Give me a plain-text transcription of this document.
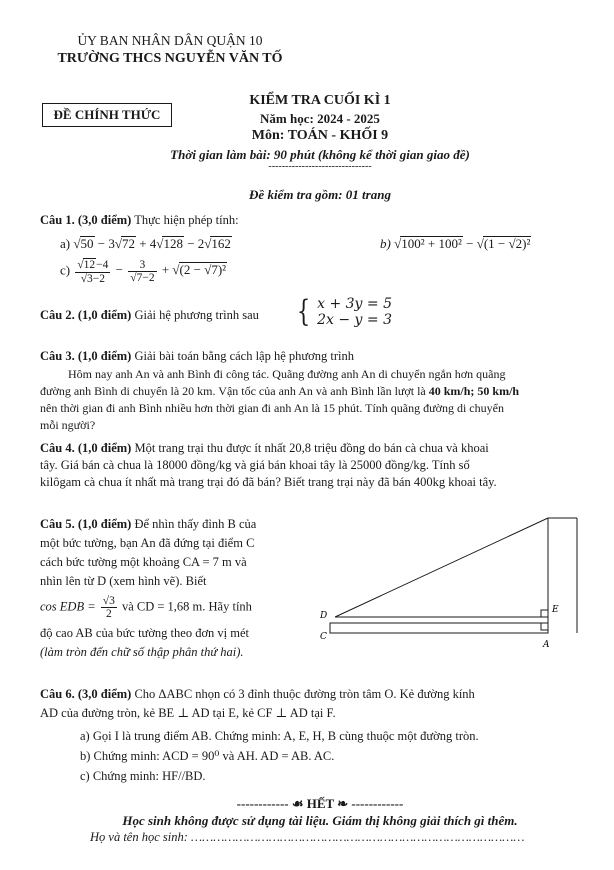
ỦY BAN NHÂN DÂN QUẬN 10
TRƯỜNG THCS NGUYỄN VĂN TỐ
ĐỀ CHÍNH THỨC
KIỂM TRA CUỐI KÌ 1
Năm học: 2024 - 2025
Môn: TOÁN - KHỐI 9
Thời gian làm bài: 90 phút (không kể thời gian giao đề)
-------------------------------
Đề kiểm tra gồm: 01 trang
Câu 1. (3,0 điểm) Thực hiện phép tính:
a) √50 − 3√72 + 4√128 − 2√162	b) √100² + 100² − √(1 − √2)²
$c) \frac{√12-4}{√3-2} - \frac{3}{√7-2} + √(2 - √7)^2$
Câu 2. (1,0 điểm) Giải hệ phương trình sau	{ x + 3y = 5
2x − y = 3
Câu 3. (1,0 điểm) Giải bài toán bằng cách lập hệ phương trình
Hôm nay anh An và anh Bình đi công tác. Quãng đường anh An di chuyển ngắn hơn quãng
đường anh Bình di chuyển là 20 km. Vận tốc của anh An và anh Bình lần lượt là 40 km/h; 50 km/h
nên thời gian đi anh Bình nhiều hơn thời gian đi anh An là 15 phút. Tính quãng đường di chuyển
mỗi người?
Câu 4. (1,0 điểm) Một trang trại thu được ít nhất 20,8 triệu đồng do bán cà chua và khoai
tây. Giá bán cà chua là 18000 đồng/kg và giá bán khoai tây là 25000 đồng/kg. Tính số
kilôgam cà chua ít nhất mà trang trại đó đã bán? Biết trang trại này đã bán 400kg khoai tây.
Câu 5. (1,0 điểm) Để nhìn thấy đỉnh B của
một bức tường, bạn An đã đứng tại điểm C
cách bức tường một khoảng CA = 7 m và
nhìn lên từ D (xem hình vẽ). Biết
cos EDB = $\frac{√3}{2}$ và CD = 1,68 m. Hãy tính
độ cao AB của bức tường theo đơn vị mét
(làm tròn đến chữ số thập phân thứ hai).
D
C
E
A
Câu 6. (3,0 điểm) Cho ΔABC nhọn có 3 đỉnh thuộc đường tròn tâm O. Kẻ đường kính
AD của đường tròn, kẻ BE ⊥ AD tại E, kẻ CF ⊥ AD tại F.
a) Gọi I là trung điểm AB. Chứng minh: A, E, H, B cùng thuộc một đường tròn.
b) Chứng minh: ACD = 90⁰ và AH. AD = AB. AC.
c) Chứng minh: HF//BD.
------------ ☙ HẾT ❧ ------------
Học sinh không được sử dụng tài liệu. Giám thị không giải thích gì thêm.
Họ và tên học sinh: ………………………………………………………………………………
